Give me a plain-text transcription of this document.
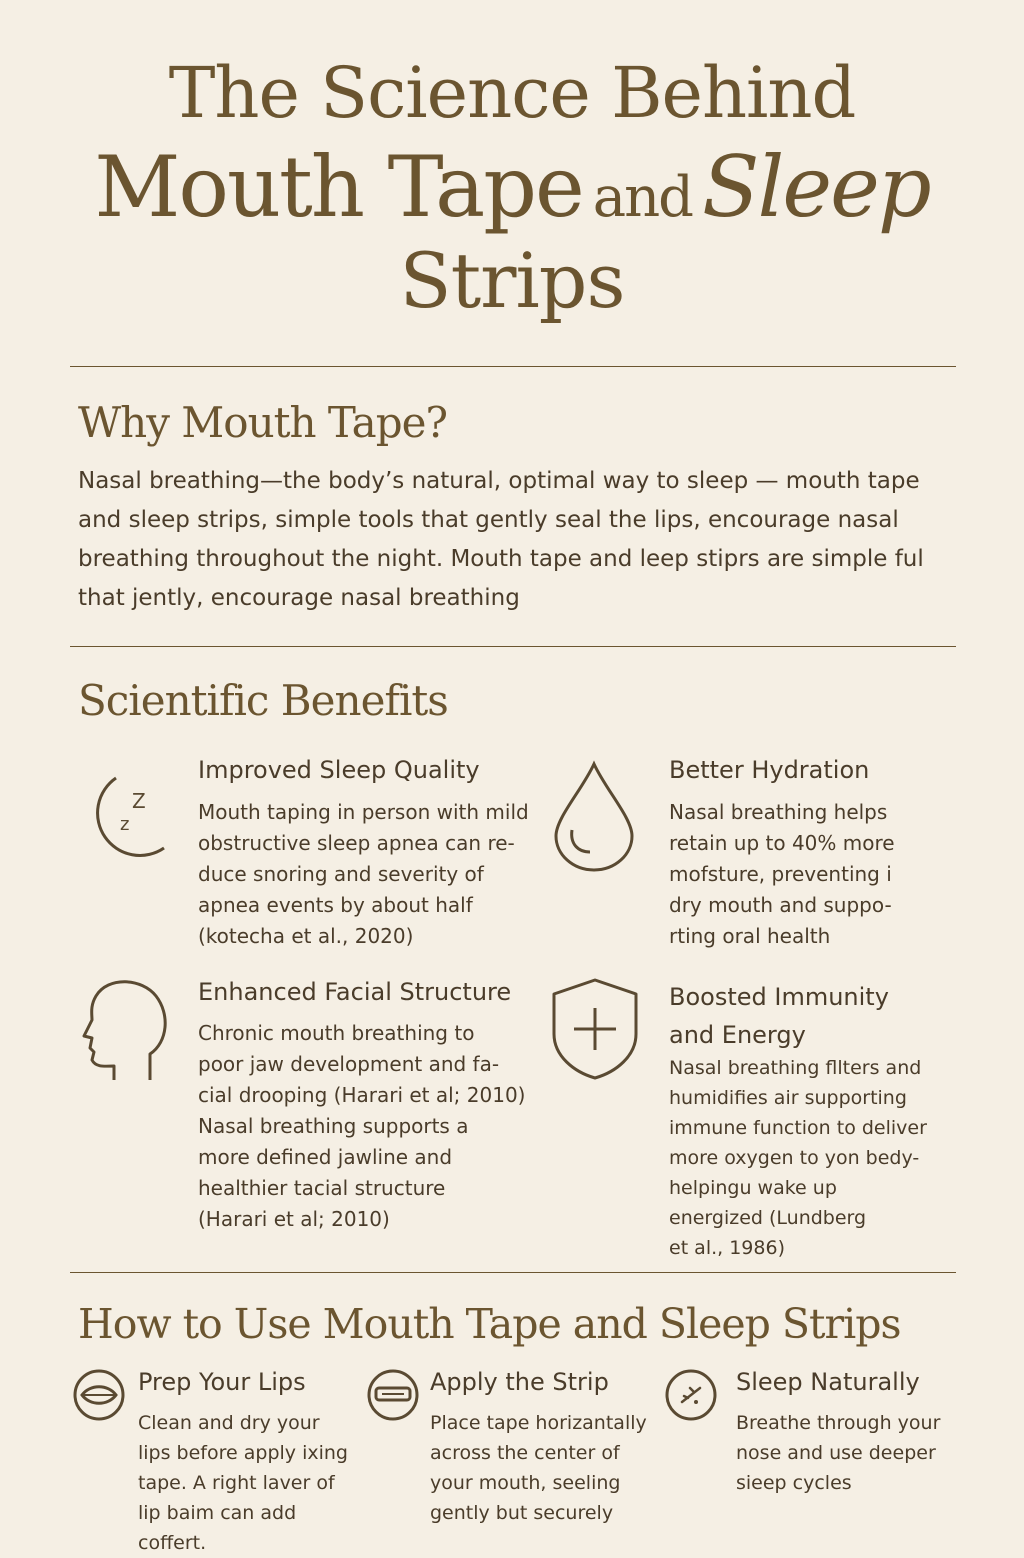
The Science Behind
Mouth Tape and Sleep
Strips
Why Mouth Tape?

Nasal breathing—the body’s natural, optimal way to sleep — mouth tape and sleep strips, simple tools that gently seal the lips, encourage nasal breathing throughout the night. Mouth tape and leep stiprs are simple ful that jently, encourage nasal breathing

Scientific Benefits
Z
z
Improved Sleep Quality

Mouth taping in person with mild
obstructive sleep apnea can re-
duce snoring and severity of
apnea events by about half
(kotecha et al., 2020)

Better Hydration

Nasal breathing helps
retain up to 40% more
mofsture, preventing i
dry mouth and suppo-
rting oral health

Enhanced Facial Structure

Chronic mouth breathing to
poor jaw development and fa-
cial drooping (Harari et al; 2010)
Nasal breathing supports a
more defined jawline and
healthier tacial structure
(Harari et al; 2010)

Boosted Immunity
and Energy

Nasal breathing fllters and
humidifies air supporting
immune function to deliver
more oxygen to yon bedy-
helpingu wake up
energized (Lundberg
et al., 1986)

How to Use Mouth Tape and Sleep Strips
Prep Your Lips

Clean and dry your
lips before apply ixing
tape. A right laver of
lip baim can add coffert.

Apply the Strip

Place tape horizantally
across the center of
your mouth, seeling
gently but securely

Sleep Naturally

Breathe through your
nose and use deeper
sieep cycles
